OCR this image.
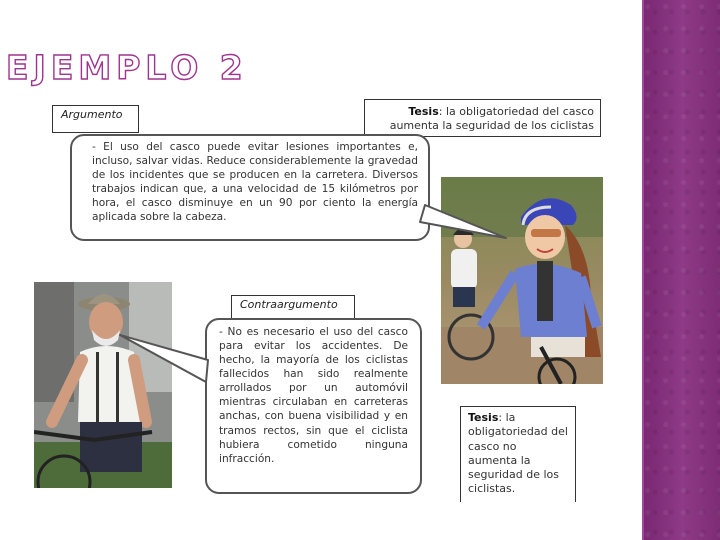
EJEMPLO 2
Argumento	Tesis: la obligatoriedad del casco aumenta la seguridad de los ciclistas
- El uso del casco puede evitar lesiones importantes e, incluso, salvar vidas. Reduce considerablemente la gravedad de los incidentes que se producen en la carretera. Diversos trabajos indican que, a una velocidad de 15 kilómetros por hora, el casco disminuye en un 90 por ciento la energía aplicada sobre la cabeza.
Contraargumento
- No es necesario el uso del casco para evitar los accidentes. De hecho, la mayoría de los ciclistas fallecidos han sido realmente arrollados por un automóvil mientras circulaban en carreteras anchas, con buena visibilidad y en tramos rectos, sin que el ciclista hubiera cometido ninguna infracción.
Tesis: la obligatoriedad del casco no aumenta la seguridad de los ciclistas.
